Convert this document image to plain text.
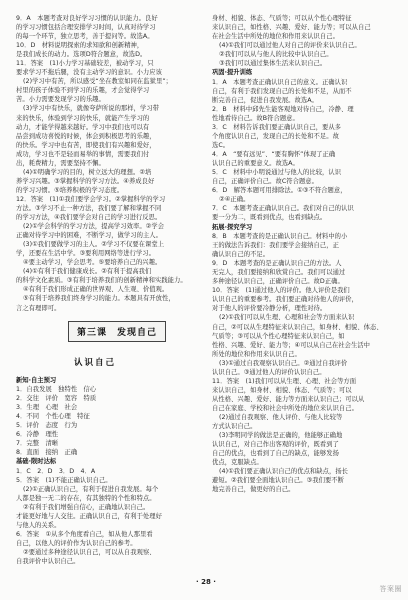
9．A　本题考查对良好学习习惯的认识能力。良好
的学习习惯包括合理安排学习时间，认真对待学习
的每一个环节，独立思考，善于提问等。故选A。
10．D　材料说明探索的求知欲和创新精神，
是我们成长的动力。选项D符合题意，故选D。
11．答案　(1)小力学习基础较差，被动学习，只
要求学习不拖后腿，没有主动学习的意识。小力应该
(2)学习中有苦，所以感受“坐在教室如同在监狱里”；
村里的孩子体验不到学习的乐趣，才会觉得学习
苦。小力需要发现学习的乐趣。
(3)学习中有快乐，就像夸萨所说的那样，学习带
来的快乐，体验到学习的快乐，就能产生学习的
动力，才能学得越来越好。学习中我们也可以有
品尝到成功喜悦的时候，体会到积极思考的乐趣，
的快乐。学习中也有苦，即使我们有兴趣和爱好，
成功，学习也不是轻而易举的事情，需要我们付
出，耗费精力，需要坚持不懈。
(4)①明确学习的目的，树立远大的理想。②培
养学习兴趣。③掌握科学的学习方法。④养成良好
的学习习惯。⑤培养积极的学习态度。
12．答案　(1)①我们要学会学习。②掌握科学的学习
方法。③学习不止一种方法，我们要了解和掌握不同
的学习方法，④我们要学会对自己的学习进行反思。
(2)①学会科学的学习方法，提高学习效率。②学会
正确对待学习中的困难，不断学习，做学习的主人。
(3)①我们要做学习的主人。②学习不仅要在课堂上
学，还要在生活中学。③要利用网络等进行学习。
④要主动学习，学会思考。⑤要培养自己的兴趣。
(4)①有利于我们健康成长。②有利于提高我们
的科学文化素质。③有利于培养我们的创新精神和实践能力。
④有利于我们形成正确的世界观、人生观、价值观。
⑤有利于培养我们终身学习的能力。本题具有开放性，
言之有理即可。
第三课　发现自己
认识自己
新知·自主预习
1．自我发展　独特性　信心
2．交往　评价　宽容　特质
3．生理　心理　社会
4．不同　个性心理　特征
5．评价　态度　行为
6．冷静　理性
7．完整　清晰
8．直面　接纳　正确
基础·限时达标
1．C　2．D　3．D　4．A
5．答案　(1)不能正确认识自己。
(2)①正确认识自己，有利于促进自我发展。每个
人都是独一无二的存在，有其独特的个性和特点。
②有利于我们增强自信心，正确地认识自己。
才能更好地与人交往。正确认识自己，有利于处理好
与他人的关系。
6．答案　①从多个角度看自己，如从他人那里看
自己，以他人的评价作为认识自己的参考。
②要通过多种途径认识自己，可以从自我观察、
自我评价中认识自己。
身材、相貌、体态、气质等；可以从个性心理特征
来认识自己，如性格、兴趣、爱好、能力等；可以从自己
在社会生活中所处的地位和作用来认识自己。
(4)①我们可以通过他人对自己的评价来认识自己。
②我们可以从与他人的比较中认识自己。
③我们可以通过集体生活来认识自己。
巩固·提升训练
1．A　本题考查正确认识自己的意义。正确认识
自己，有利于我们发现自己的长处和不足，从而不
断完善自己，促进自我发展。故选A。
2．B　材料中邱先生能客观地对待自己，冷静、理
性地看待自己。故B符合题意。
3．C　材料告诉我们要正确认识自己，要从多
个角度认识自己，发现自己的长处和不足。故
选C。
4．A　“要有远见”、“要有胸怀”体现了正确
认识自己的重要意义。故选A。
5．C　材料中小明说通过与他人的比较，认识
自己，正确评价自己。故C符合题意。
6．D　解答本题可用排除法。①③不符合题意，
②④正确。
7．C　本题考查正确认识自己。我们对自己的认识
要一分为二，既看到优点，也看到缺点。
拓展·探究学习
8．B　本题考查的是正确认识自己。材料中的小
王的做法告诉我们：我们要学会接纳自己，正
确认识自己的不足。
9．D　本题考查的是正确认识自己的方法。人
无完人，我们要接纳和欣赏自己。我们可以通过
多种途径认识自己，正确评价自己。故D正确。
10．答案　(1)通过他人的评价。他人评价是我们
认识自己的重要参考。我们要正确对待他人的评价，
对于他人的评价要冷静分析，理性对待。
(2)①我们可以从生理、心理和社会等方面来认识
自己，②可以从生理特征来认识自己，如身材、相貌、体态、
气质等；③可以从个性心理特征来认识自己，如
性格、兴趣、爱好、能力等；④可以从自己在社会生活中
所处的地位和作用来认识自己。
(3)①通过自我观察认识自己。②通过自我评价
认识自己。③通过他人的评价认识自己。
11．答案　(1)我们可以从生理、心理、社会等方面
来认识自己，如身材、相貌、体态、气质等；可以
从性格、兴趣、爱好、能力等方面来认识自己；可以从
自己在家庭、学校和社会中所处的地位来认识自己。
(2)通过自我观察、他人评价、与他人比较等
方式认识自己。
(3)李明同学的做法是正确的，他能够正确地
认识自己，对自己作出客观的评价，既看到了
自己的优点，也看到了自己的缺点，能够发扬
优点，克服缺点。
(4)①我们要正确认识自己的优点和缺点，扬长
避短。②我们要全面地认识自己。③我们要不断
地完善自己，做更好的自己。
· 28 ·
答案圈
